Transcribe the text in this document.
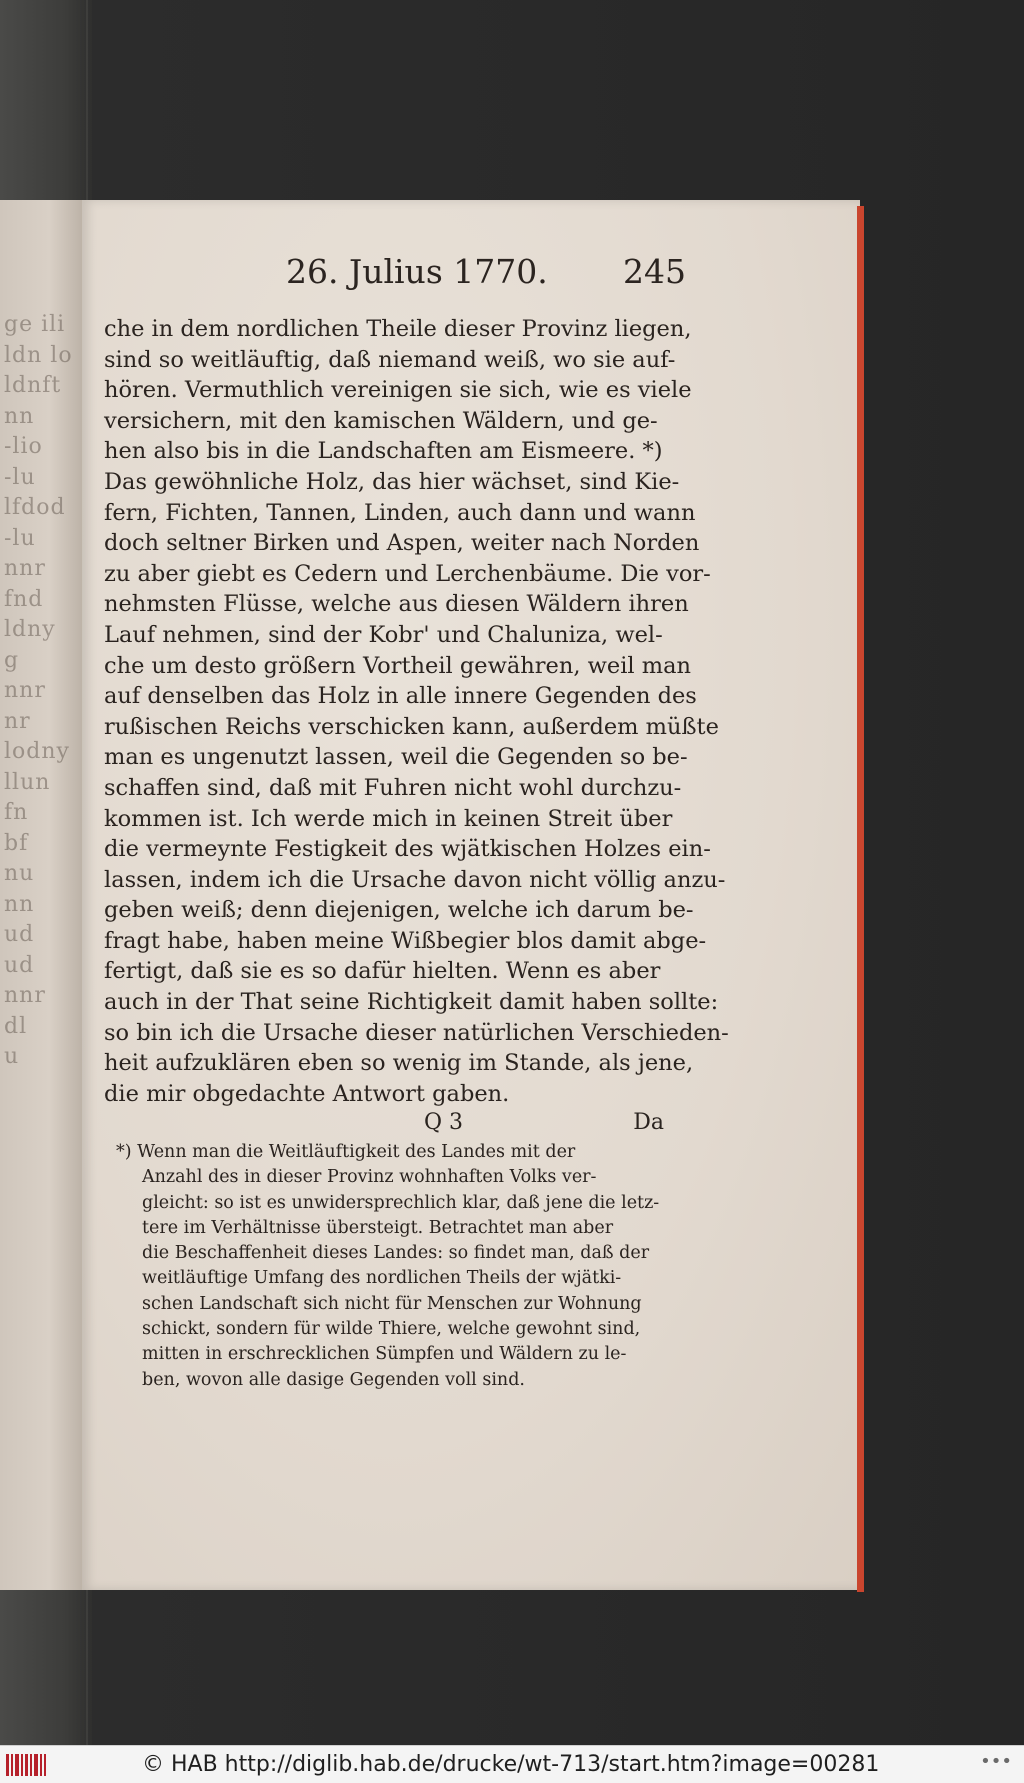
ge ili
ldn lo
ldnft
nn
-lio
-lu
lfdod
-lu
nnr
fnd
ldny
g
nnr
nr
lodny
llun
fn
bf
nu
nn
ud
ud
nnr
dl
u
26. Julius 1770. 245
che in dem nordlichen Theile dieser Provinz liegen,
sind so weitläuftig, daß niemand weiß, wo sie auf-
hören. Vermuthlich vereinigen sie sich, wie es viele
versichern, mit den kamischen Wäldern, und ge-
hen also bis in die Landschaften am Eismeere. *)
Das gewöhnliche Holz, das hier wächset, sind Kie-
fern, Fichten, Tannen, Linden, auch dann und wann
doch seltner Birken und Aspen, weiter nach Norden
zu aber giebt es Cedern und Lerchenbäume. Die vor-
nehmsten Flüsse, welche aus diesen Wäldern ihren
Lauf nehmen, sind der Kobr' und Chaluniza, wel-
che um desto größern Vortheil gewähren, weil man
auf denselben das Holz in alle innere Gegenden des
rußischen Reichs verschicken kann, außerdem müßte
man es ungenutzt lassen, weil die Gegenden so be-
schaffen sind, daß mit Fuhren nicht wohl durchzu-
kommen ist. Ich werde mich in keinen Streit über
die vermeynte Festigkeit des wjätkischen Holzes ein-
lassen, indem ich die Ursache davon nicht völlig anzu-
geben weiß; denn diejenigen, welche ich darum be-
fragt habe, haben meine Wißbegier blos damit abge-
fertigt, daß sie es so dafür hielten. Wenn es aber
auch in der That seine Richtigkeit damit haben sollte:
so bin ich die Ursache dieser natürlichen Verschieden-
heit aufzuklären eben so wenig im Stande, als jene,
die mir obgedachte Antwort gaben.
Q 3	Da
*) Wenn man die Weitläuftigkeit des Landes mit der
Anzahl des in dieser Provinz wohnhaften Volks ver-
gleicht: so ist es unwidersprechlich klar, daß jene die letz-
tere im Verhältnisse übersteigt. Betrachtet man aber
die Beschaffenheit dieses Landes: so findet man, daß der
weitläuftige Umfang des nordlichen Theils der wjätki-
schen Landschaft sich nicht für Menschen zur Wohnung
schickt, sondern für wilde Thiere, welche gewohnt sind,
mitten in erschrecklichen Sümpfen und Wäldern zu le-
ben, wovon alle dasige Gegenden voll sind.
© HAB http://diglib.hab.de/drucke/wt-713/start.htm?image=00281	•••
